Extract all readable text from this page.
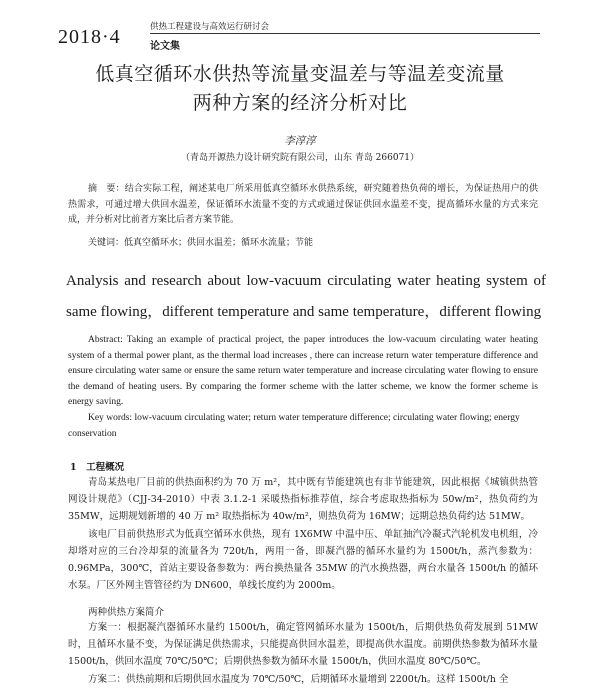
2018·4	供热工程建设与高效运行研讨会
论文集
低真空循环水供热等流量变温差与等温差变流量
两种方案的经济分析对比
李淳淳
（青岛开源热力设计研究院有限公司，山东 青岛 266071）
摘　要：结合实际工程，阐述某电厂所采用低真空循环水供热系统，研究随着热负荷的增长，为保证热用户的供热需求，可通过增大供回水温差，保证循环水流量不变的方式或通过保证供回水温差不变，提高循环水量的方式来完成，并分析对比前者方案比后者方案节能。
关键词：低真空循环水；供回水温差；循环水流量；节能
Analysis and research about low-vacuum circulating water heating system of same flowing，different temperature and same temperature，different flowing
Abstract: Taking an example of practical project, the paper introduces the low-vacuum circulating water heating system of a thermal power plant, as the thermal load increases , there can increase return water temperature difference and ensure circulating water same or ensure the same return water temperature and increase circulating water flowing to ensure the demand of heating users. By comparing the former scheme with the latter scheme, we know the former scheme is energy saving.
Key words: low-vacuum circulating water; return water temperature difference; circulating water flowing; energy conservation
1　工程概况

青岛某热电厂目前的供热面积约为 70 万 m²，其中既有节能建筑也有非节能建筑，因此根据《城镇供热管网设计规范》（CJJ-34-2010）中表 3.1.2-1 采暖热指标推荐值，综合考虑取热指标为 50w/m²，热负荷约为 35MW，远期规划新增的 40 万 m² 取热指标为 40w/m²，则热负荷为 16MW；远期总热负荷约达 51MW。

该电厂目前供热形式为低真空循环水供热，现有 1X6MW 中温中压、单缸抽汽冷凝式汽轮机发电机组，冷却塔对应的三台冷却泵的流量各为 720t/h，两用一备，即凝汽器的循环水量约为 1500t/h，蒸汽参数为：0.96MPa，300℃，首站主要设备参数为：两台换热量各 35MW 的汽水换热器，两台水量各 1500t/h 的循环水泵。厂区外网主管管径约为 DN600，单线长度约为 2000m。

两种供热方案简介

方案一：根据凝汽器循环水量约 1500t/h，确定管网循环水量为 1500t/h，后期供热负荷发展到 51MW 时，且循环水量不变，为保证满足供热需求，只能提高供回水温差，即提高供水温度。前期供热参数为循环水量 1500t/h，供回水温度 70℃/50℃；后期供热参数为循环水量 1500t/h，供回水温度 80℃/50℃。

方案二：供热前期和后期供回水温度为 70℃/50℃，后期循环水量增到 2200t/h。这样 1500t/h 全
